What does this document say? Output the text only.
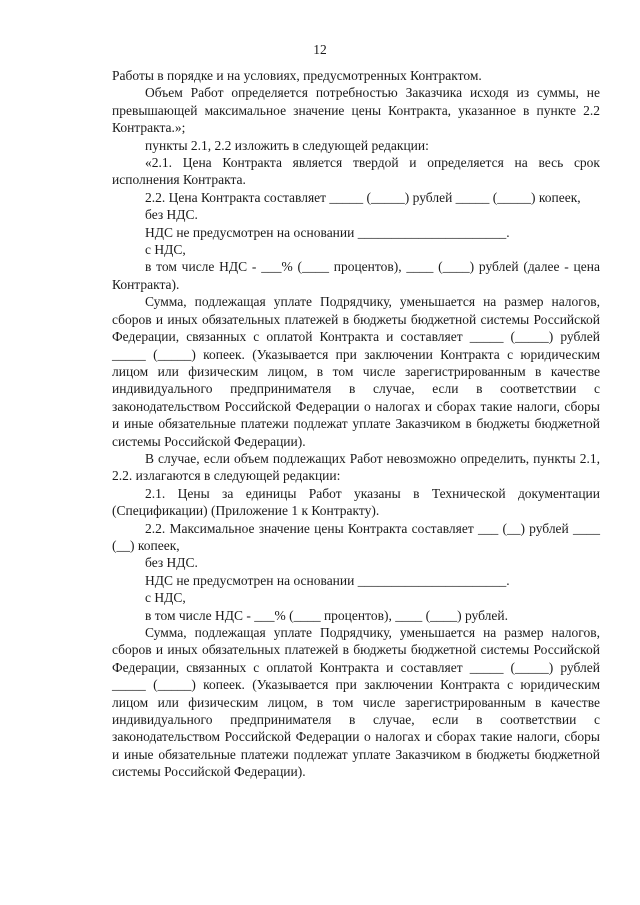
12

Работы в порядке и на условиях, предусмотренных Контрактом.

Объем Работ определяется потребностью Заказчика исходя из суммы, не превышающей максимальное значение цены Контракта, указанное в пункте 2.2 Контракта.»;

пункты 2.1, 2.2 изложить в следующей редакции:

«2.1. Цена Контракта является твердой и определяется на весь срок исполнения Контракта.

2.2. Цена Контракта составляет _____ (_____) рублей _____ (_____) копеек,

без НДС.

НДС не предусмотрен на основании ______________________.

с НДС,

в том числе НДС - ___% (____ процентов), ____ (____) рублей (далее - цена Контракта).

Сумма, подлежащая уплате Подрядчику, уменьшается на размер налогов, сборов и иных обязательных платежей в бюджеты бюджетной системы Российской Федерации, связанных с оплатой Контракта и составляет _____ (_____) рублей _____ (_____) копеек. (Указывается при заключении Контракта с юридическим лицом или физическим лицом, в том числе зарегистрированным в качестве индивидуального предпринимателя в случае, если в соответствии с законодательством Российской Федерации о налогах и сборах такие налоги, сборы и иные обязательные платежи подлежат уплате Заказчиком в бюджеты бюджетной системы Российской Федерации).

В случае, если объем подлежащих Работ невозможно определить, пункты 2.1, 2.2. излагаются в следующей редакции:

2.1. Цены за единицы Работ указаны в Технической документации (Спецификации) (Приложение 1 к Контракту).

2.2. Максимальное значение цены Контракта составляет ___ (__) рублей ____ (__) копеек,

без НДС.

НДС не предусмотрен на основании ______________________.

с НДС,

в том числе НДС - ___% (____ процентов), ____ (____) рублей.

Сумма, подлежащая уплате Подрядчику, уменьшается на размер налогов, сборов и иных обязательных платежей в бюджеты бюджетной системы Российской Федерации, связанных с оплатой Контракта и составляет _____ (_____) рублей _____ (_____) копеек. (Указывается при заключении Контракта с юридическим лицом или физическим лицом, в том числе зарегистрированным в качестве индивидуального предпринимателя в случае, если в соответствии с законодательством Российской Федерации о налогах и сборах такие налоги, сборы и иные обязательные платежи подлежат уплате Заказчиком в бюджеты бюджетной системы Российской Федерации).
